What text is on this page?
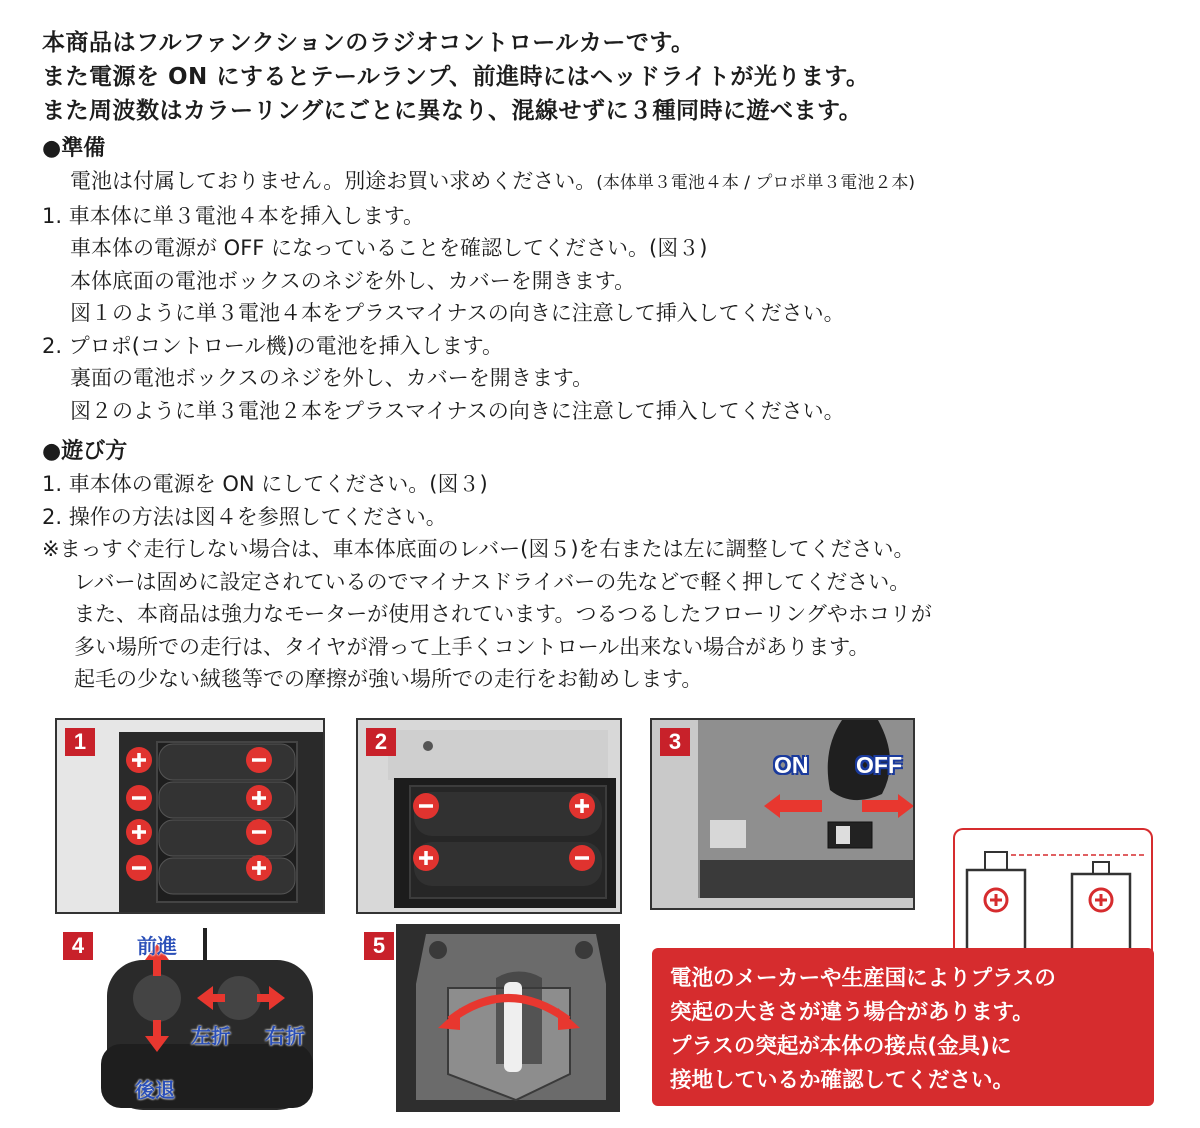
本商品はフルファンクションのラジオコントロールカーです。

また電源を ON にするとテールランプ、前進時にはヘッドライトが光ります。

また周波数はカラーリングにごとに異なり、混線せずに３種同時に遊べます。

●準備
電池は付属しておりません。別途お買い求めください。(本体単３電池４本 / プロポ単３電池２本)
1. 車本体に単３電池４本を挿入します。
車本体の電源が OFF になっていることを確認してください。(図３)
本体底面の電池ボックスのネジを外し、カバーを開きます。
図１のように単３電池４本をプラスマイナスの向きに注意して挿入してください。
2. プロポ(コントロール機)の電池を挿入します。
裏面の電池ボックスのネジを外し、カバーを開きます。
図２のように単３電池２本をプラスマイナスの向きに注意して挿入してください。
●遊び方
1. 車本体の電源を ON にしてください。(図３)
2. 操作の方法は図４を参照してください。
※まっすぐ走行しない場合は、車本体底面のレバー(図５)を右または左に調整してください。
レバーは固めに設定されているのでマイナスドライバーの先などで軽く押してください。
また、本商品は強力なモーターが使用されています。つるつるしたフローリングやホコリが
多い場所での走行は、タイヤが滑って上手くコントロール出来ない場合があります。
起毛の少ない絨毯等での摩擦が強い場所での走行をお勧めします。
1	2	3
ON OFF
4	前進
後退
左折 右折
5

電池のメーカーや生産国によりプラスの

突起の大きさが違う場合があります。

プラスの突起が本体の接点(金具)に

接地しているか確認してください。
